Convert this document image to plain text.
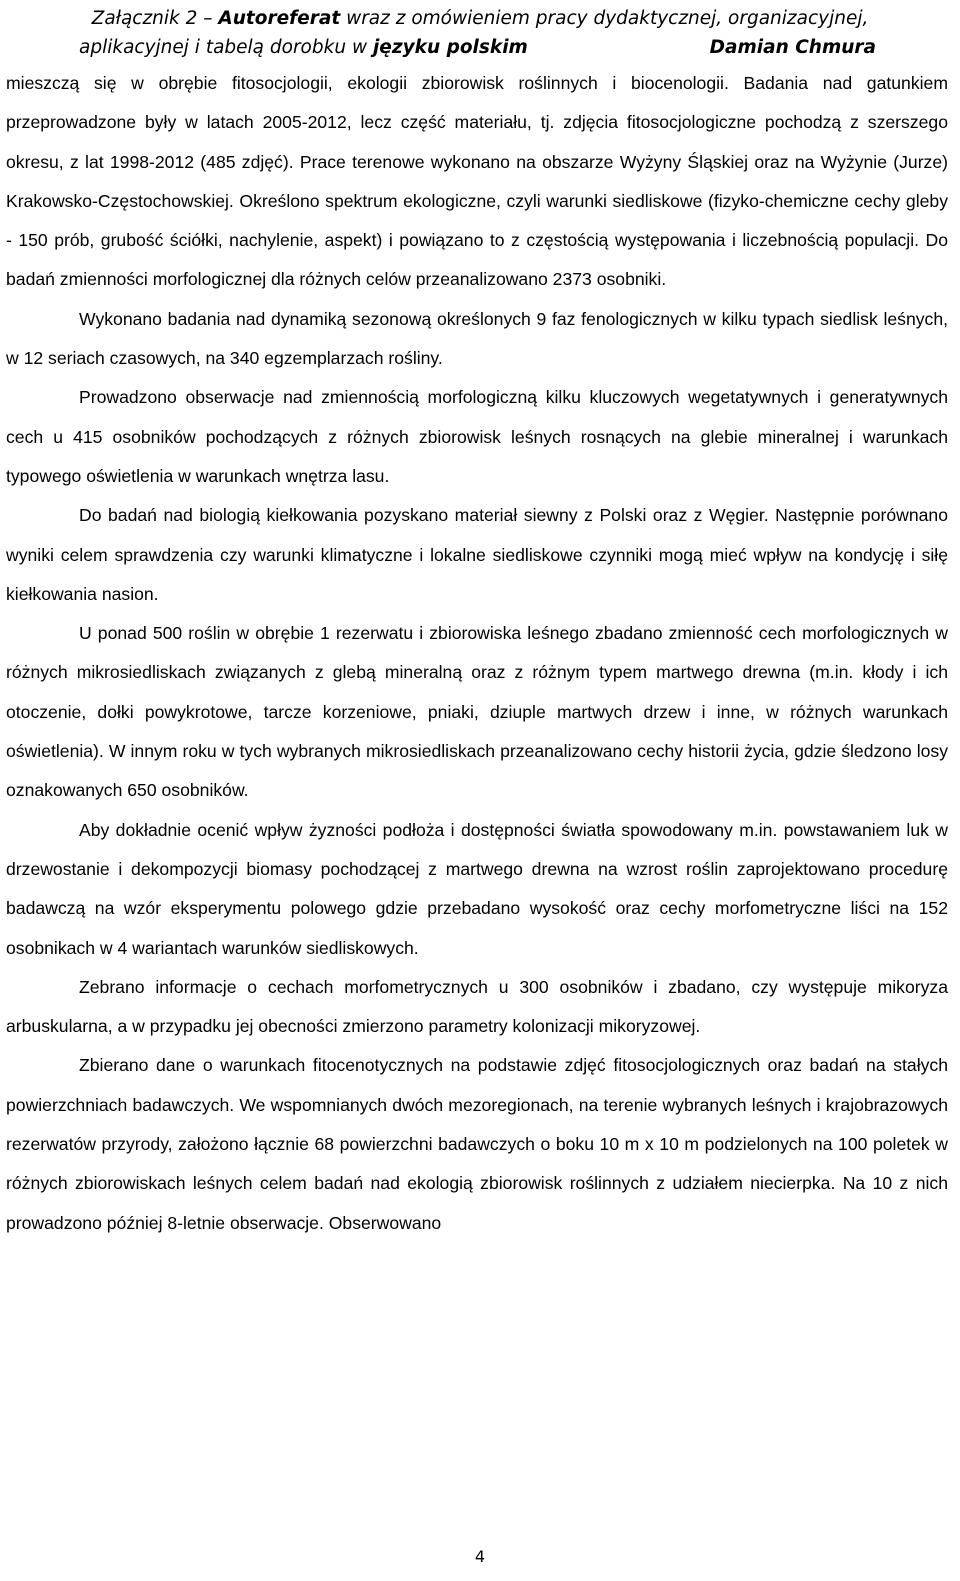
Załącznik 2 – Autoreferat wraz z omówieniem pracy dydaktycznej, organizacyjnej,
aplikacyjnej i tabelą dorobku w języku polskim	Damian Chmura

mieszczą się w obrębie fitosocjologii, ekologii zbiorowisk roślinnych i biocenologii. Badania nad gatunkiem przeprowadzone były w latach 2005-2012, lecz część materiału, tj. zdjęcia fitosocjologiczne pochodzą z szerszego okresu, z lat 1998-2012 (485 zdjęć). Prace terenowe wykonano na obszarze Wyżyny Śląskiej oraz na Wyżynie (Jurze) Krakowsko-Częstochowskiej. Określono spektrum ekologiczne, czyli warunki siedliskowe (fizyko-chemiczne cechy gleby - 150 prób, grubość ściółki, nachylenie, aspekt) i powiązano to z częstością występowania i liczebnością populacji. Do badań zmienności morfologicznej dla różnych celów przeanalizowano 2373 osobniki.

Wykonano badania nad dynamiką sezonową określonych 9 faz fenologicznych w kilku typach siedlisk leśnych, w 12 seriach czasowych, na 340 egzemplarzach rośliny.

Prowadzono obserwacje nad zmiennością morfologiczną kilku kluczowych wegetatywnych i generatywnych cech u 415 osobników pochodzących z różnych zbiorowisk leśnych rosnących na glebie mineralnej i warunkach typowego oświetlenia w warunkach wnętrza lasu.

Do badań nad biologią kiełkowania pozyskano materiał siewny z Polski oraz z Węgier. Następnie porównano wyniki celem sprawdzenia czy warunki klimatyczne i lokalne siedliskowe czynniki mogą mieć wpływ na kondycję i siłę kiełkowania nasion.

U ponad 500 roślin w obrębie 1 rezerwatu i zbiorowiska leśnego zbadano zmienność cech morfologicznych w różnych mikrosiedliskach związanych z glebą mineralną oraz z różnym typem martwego drewna (m.in. kłody i ich otoczenie, dołki powykrotowe, tarcze korzeniowe, pniaki, dziuple martwych drzew i inne, w różnych warunkach oświetlenia). W innym roku w tych wybranych mikrosiedliskach przeanalizowano cechy historii życia, gdzie śledzono losy oznakowanych 650 osobników.

Aby dokładnie ocenić wpływ żyzności podłoża i dostępności światła spowodowany m.in. powstawaniem luk w drzewostanie i dekompozycji biomasy pochodzącej z martwego drewna na wzrost roślin zaprojektowano procedurę badawczą na wzór eksperymentu polowego gdzie przebadano wysokość oraz cechy morfometryczne liści na 152 osobnikach w 4 wariantach warunków siedliskowych.

Zebrano informacje o cechach morfometrycznych u 300 osobników i zbadano, czy występuje mikoryza arbuskularna, a w przypadku jej obecności zmierzono parametry kolonizacji mikoryzowej.

Zbierano dane o warunkach fitocenotycznych na podstawie zdjęć fitosocjologicznych oraz badań na stałych powierzchniach badawczych. We wspomnianych dwóch mezoregionach, na terenie wybranych leśnych i krajobrazowych rezerwatów przyrody, założono łącznie 68 powierzchni badawczych o boku 10 m x 10 m podzielonych na 100 poletek w różnych zbiorowiskach leśnych celem badań nad ekologią zbiorowisk roślinnych z udziałem niecierpka. Na 10 z nich prowadzono później 8-letnie obserwacje. Obserwowano

4
